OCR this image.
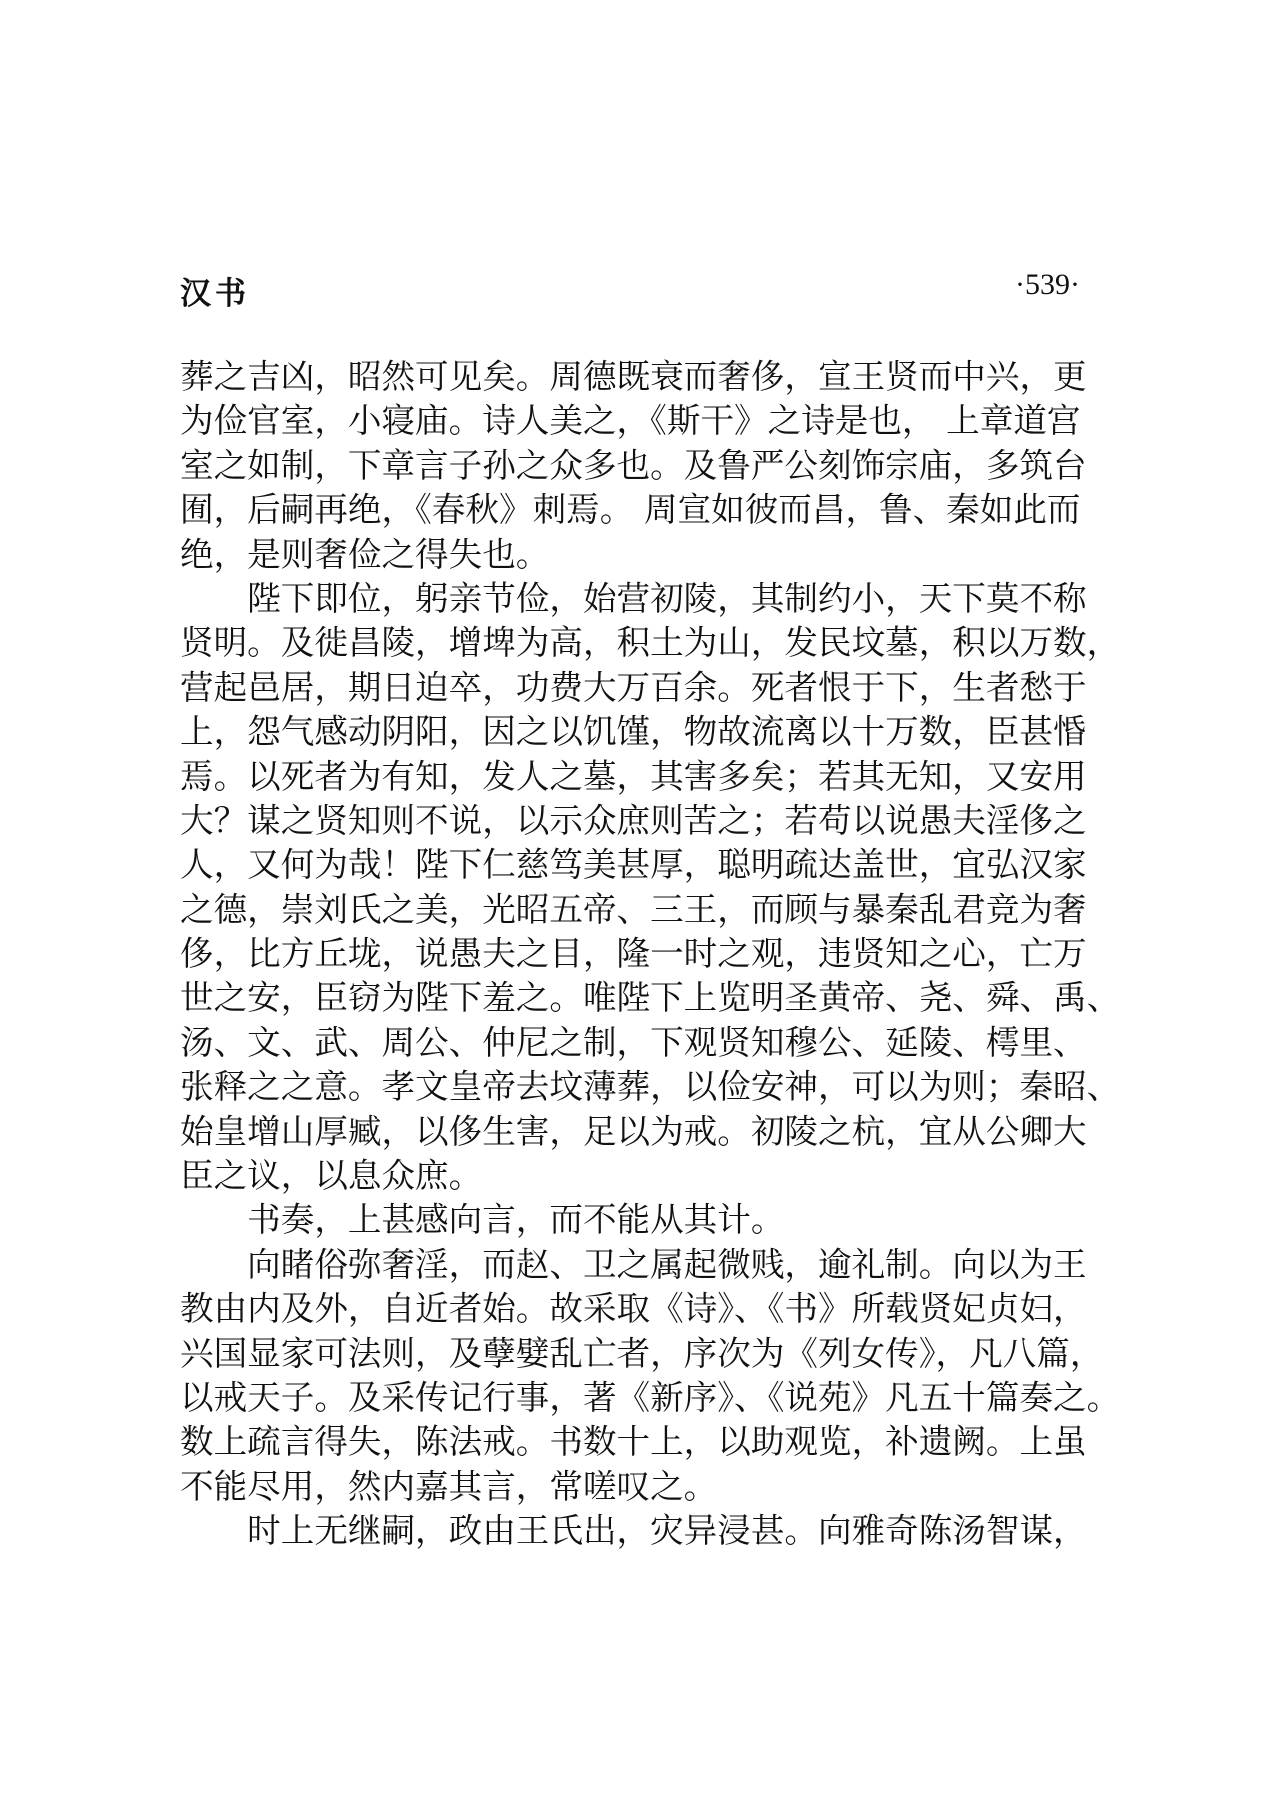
汉书	·539·
葬之吉凶，昭然可见矣。周德既衰而奢侈，宣王贤而中兴，更
为俭官室，小寝庙。诗人美之，《斯干》之诗是也， 上章道宫
室之如制，下章言子孙之众多也。及鲁严公刻饰宗庙，多筑台
囿，后嗣再绝，《春秋》刺焉。 周宣如彼而昌，鲁、秦如此而
绝，是则奢俭之得失也。
　　陛下即位，躬亲节俭，始营初陵，其制约小，天下莫不称
贤明。及徙昌陵，增埤为高，积土为山，发民坟墓，积以万数，
营起邑居，期日迫卒，功费大万百余。死者恨于下，生者愁于
上，怨气感动阴阳，因之以饥馑，物故流离以十万数，臣甚惛
焉。以死者为有知，发人之墓，其害多矣；若其无知，又安用
大？谋之贤知则不说，以示众庶则苦之；若苟以说愚夫淫侈之
人，又何为哉！陛下仁慈笃美甚厚，聪明疏达盖世，宜弘汉家
之德，崇刘氏之美，光昭五帝、三王，而顾与暴秦乱君竞为奢
侈，比方丘垅，说愚夫之目，隆一时之观，违贤知之心，亡万
世之安，臣窃为陛下羞之。唯陛下上览明圣黄帝、尧、舜、禹、
汤、文、武、周公、仲尼之制，下观贤知穆公、延陵、樗里、
张释之之意。孝文皇帝去坟薄葬，以俭安神，可以为则；秦昭、
始皇增山厚臧，以侈生害，足以为戒。初陵之杭，宜从公卿大
臣之议，以息众庶。
　　书奏，上甚感向言，而不能从其计。
　　向睹俗弥奢淫，而赵、卫之属起微贱，逾礼制。向以为王
教由内及外，自近者始。故采取《诗》、《书》所载贤妃贞妇，
兴国显家可法则，及孽嬖乱亡者，序次为《列女传》，凡八篇，
以戒天子。及采传记行事，著《新序》、《说苑》凡五十篇奏之。
数上疏言得失，陈法戒。书数十上，以助观览，补遗阙。上虽
不能尽用，然内嘉其言，常嗟叹之。
　　时上无继嗣，政由王氏出，灾异浸甚。向雅奇陈汤智谋，
